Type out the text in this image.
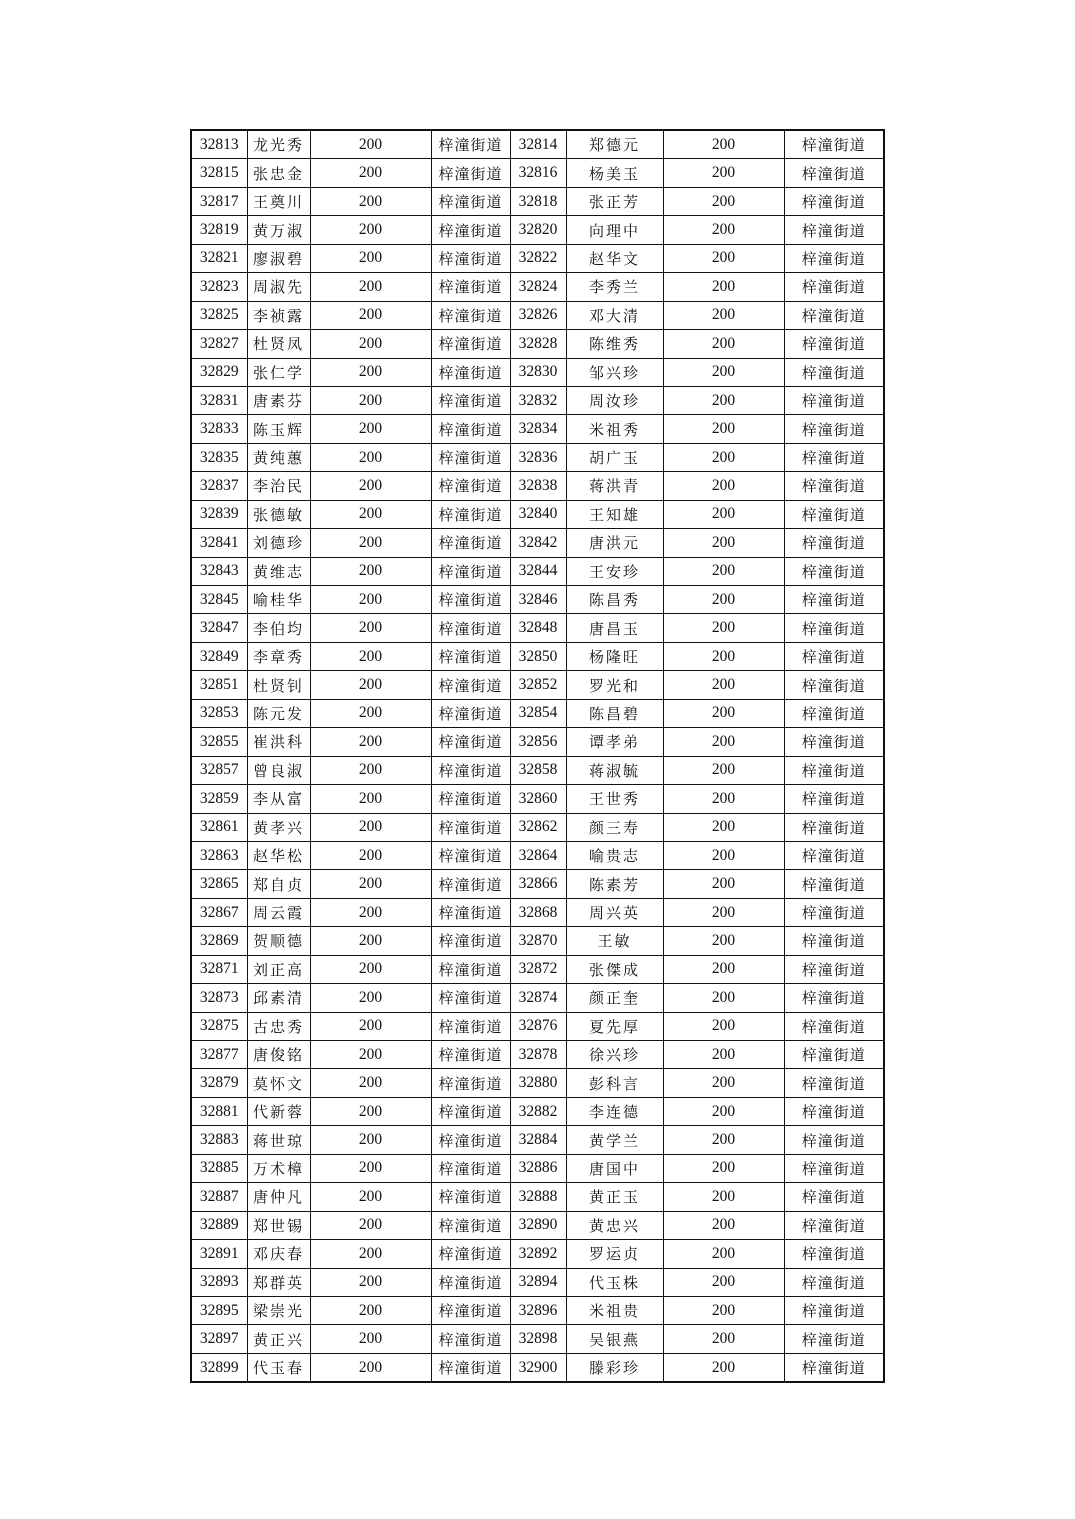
32813	龙光秀	200	梓潼街道	32814	郑德元	200	梓潼街道
32815	张忠金	200	梓潼街道	32816	杨美玉	200	梓潼街道
32817	王奠川	200	梓潼街道	32818	张正芳	200	梓潼街道
32819	黄万淑	200	梓潼街道	32820	向理中	200	梓潼街道
32821	廖淑碧	200	梓潼街道	32822	赵华文	200	梓潼街道
32823	周淑先	200	梓潼街道	32824	李秀兰	200	梓潼街道
32825	李祯露	200	梓潼街道	32826	邓大清	200	梓潼街道
32827	杜贤凤	200	梓潼街道	32828	陈维秀	200	梓潼街道
32829	张仁学	200	梓潼街道	32830	邹兴珍	200	梓潼街道
32831	唐素芬	200	梓潼街道	32832	周汝珍	200	梓潼街道
32833	陈玉辉	200	梓潼街道	32834	米祖秀	200	梓潼街道
32835	黄纯蕙	200	梓潼街道	32836	胡广玉	200	梓潼街道
32837	李治民	200	梓潼街道	32838	蒋洪青	200	梓潼街道
32839	张德敏	200	梓潼街道	32840	王知雄	200	梓潼街道
32841	刘德珍	200	梓潼街道	32842	唐洪元	200	梓潼街道
32843	黄维志	200	梓潼街道	32844	王安珍	200	梓潼街道
32845	喻桂华	200	梓潼街道	32846	陈昌秀	200	梓潼街道
32847	李伯均	200	梓潼街道	32848	唐昌玉	200	梓潼街道
32849	李章秀	200	梓潼街道	32850	杨隆旺	200	梓潼街道
32851	杜贤钊	200	梓潼街道	32852	罗光和	200	梓潼街道
32853	陈元发	200	梓潼街道	32854	陈昌碧	200	梓潼街道
32855	崔洪科	200	梓潼街道	32856	谭孝弟	200	梓潼街道
32857	曾良淑	200	梓潼街道	32858	蒋淑毓	200	梓潼街道
32859	李从富	200	梓潼街道	32860	王世秀	200	梓潼街道
32861	黄孝兴	200	梓潼街道	32862	颜三寿	200	梓潼街道
32863	赵华松	200	梓潼街道	32864	喻贵志	200	梓潼街道
32865	郑自贞	200	梓潼街道	32866	陈素芳	200	梓潼街道
32867	周云霞	200	梓潼街道	32868	周兴英	200	梓潼街道
32869	贺顺德	200	梓潼街道	32870	王敏	200	梓潼街道
32871	刘正高	200	梓潼街道	32872	张傑成	200	梓潼街道
32873	邱素清	200	梓潼街道	32874	颜正奎	200	梓潼街道
32875	古忠秀	200	梓潼街道	32876	夏先厚	200	梓潼街道
32877	唐俊铭	200	梓潼街道	32878	徐兴珍	200	梓潼街道
32879	莫怀文	200	梓潼街道	32880	彭科言	200	梓潼街道
32881	代新蓉	200	梓潼街道	32882	李连德	200	梓潼街道
32883	蒋世琼	200	梓潼街道	32884	黄学兰	200	梓潼街道
32885	万术樟	200	梓潼街道	32886	唐国中	200	梓潼街道
32887	唐仲凡	200	梓潼街道	32888	黄正玉	200	梓潼街道
32889	郑世锡	200	梓潼街道	32890	黄忠兴	200	梓潼街道
32891	邓庆春	200	梓潼街道	32892	罗运贞	200	梓潼街道
32893	郑群英	200	梓潼街道	32894	代玉株	200	梓潼街道
32895	梁崇光	200	梓潼街道	32896	米祖贵	200	梓潼街道
32897	黄正兴	200	梓潼街道	32898	吴银燕	200	梓潼街道
32899	代玉春	200	梓潼街道	32900	滕彩珍	200	梓潼街道
